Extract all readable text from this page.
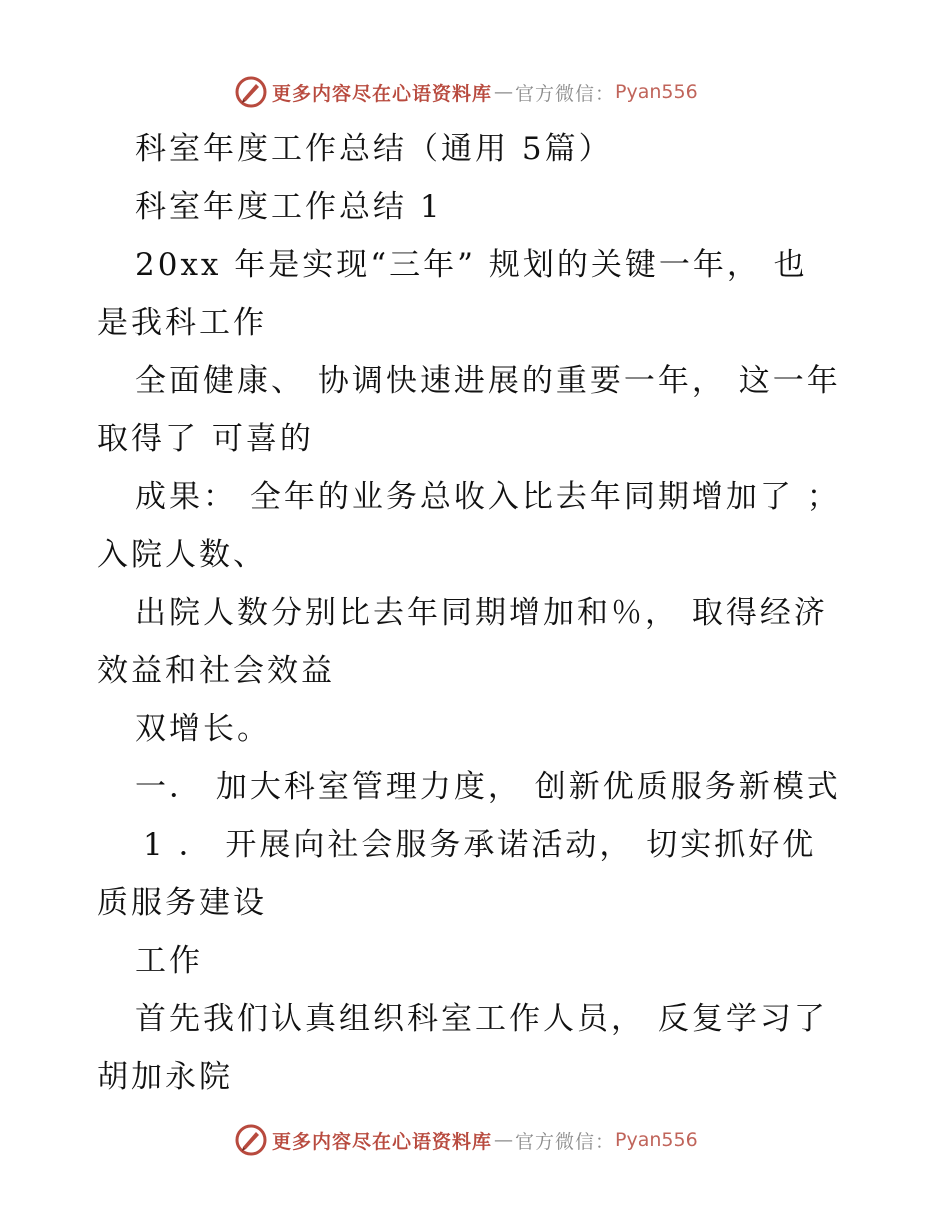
更多内容尽在心语资料库 — 官方微信： Pyan556
科室年度工作总结（通用 5篇）
科室年度工作总结 1
20xx 年是实现“三年” 规划的关键一年， 也
是我科工作
全面健康、 协调快速进展的重要一年， 这一年
取得了 可喜的
成果： 全年的业务总收入比去年同期增加了 ；
入院人数、
出院人数分别比去年同期增加和％， 取得经济
效益和社会效益
双增长。
一． 加大科室管理力度， 创新优质服务新模式
1 ． 开展向社会服务承诺活动， 切实抓好优
质服务建设
工作
首先我们认真组织科室工作人员， 反复学习了
胡加永院
更多内容尽在心语资料库 — 官方微信： Pyan556
